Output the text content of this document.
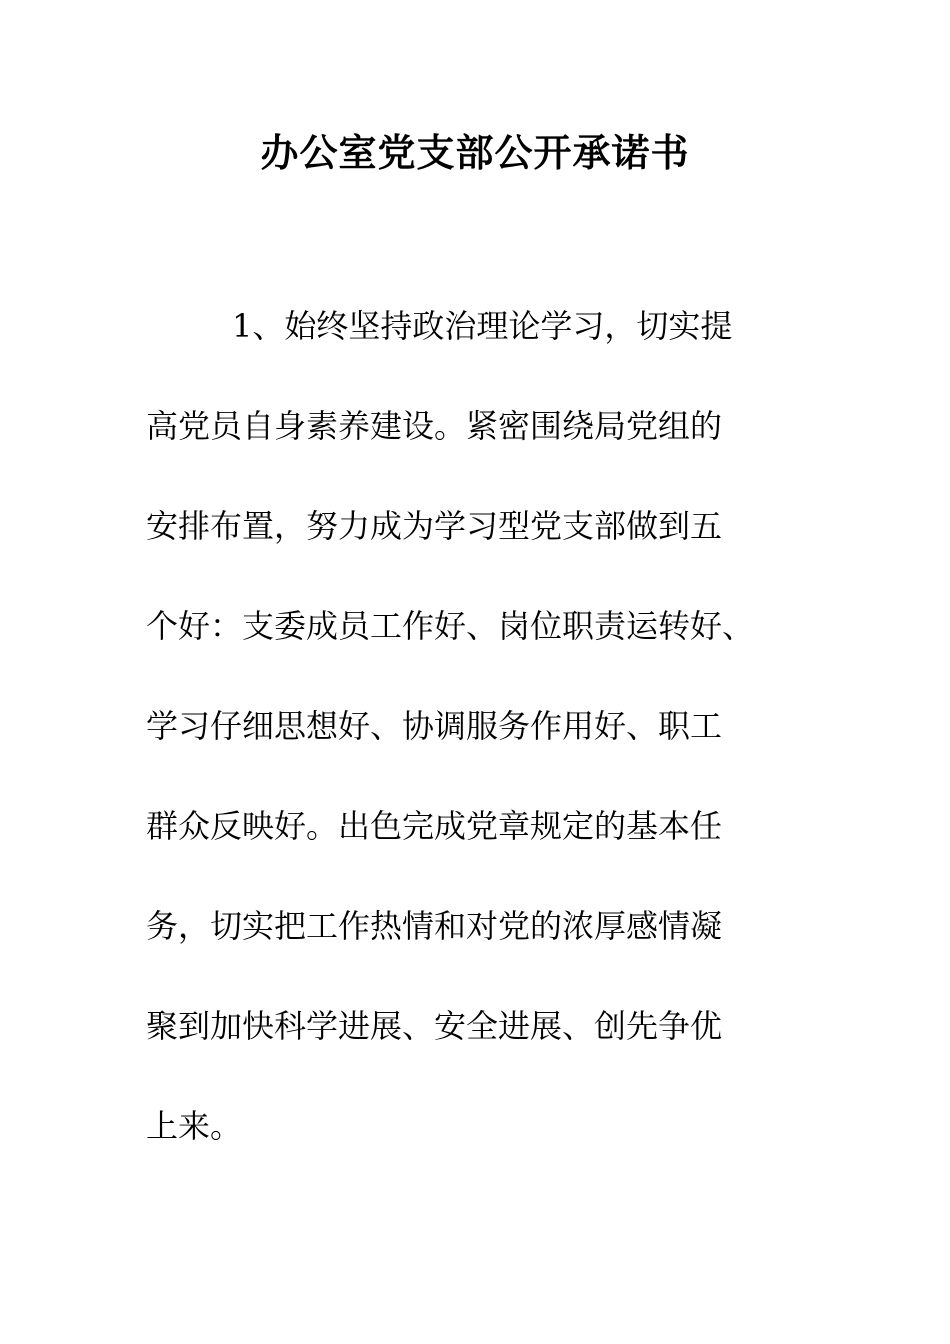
办公室党支部公开承诺书
1、始终坚持政治理论学习，切实提
高党员自身素养建设。紧密围绕局党组的
安排布置，努力成为学习型党支部做到五
个好：支委成员工作好、岗位职责运转好、
学习仔细思想好、协调服务作用好、职工
群众反映好。出色完成党章规定的基本任
务，切实把工作热情和对党的浓厚感情凝
聚到加快科学进展、安全进展、创先争优
上来。
